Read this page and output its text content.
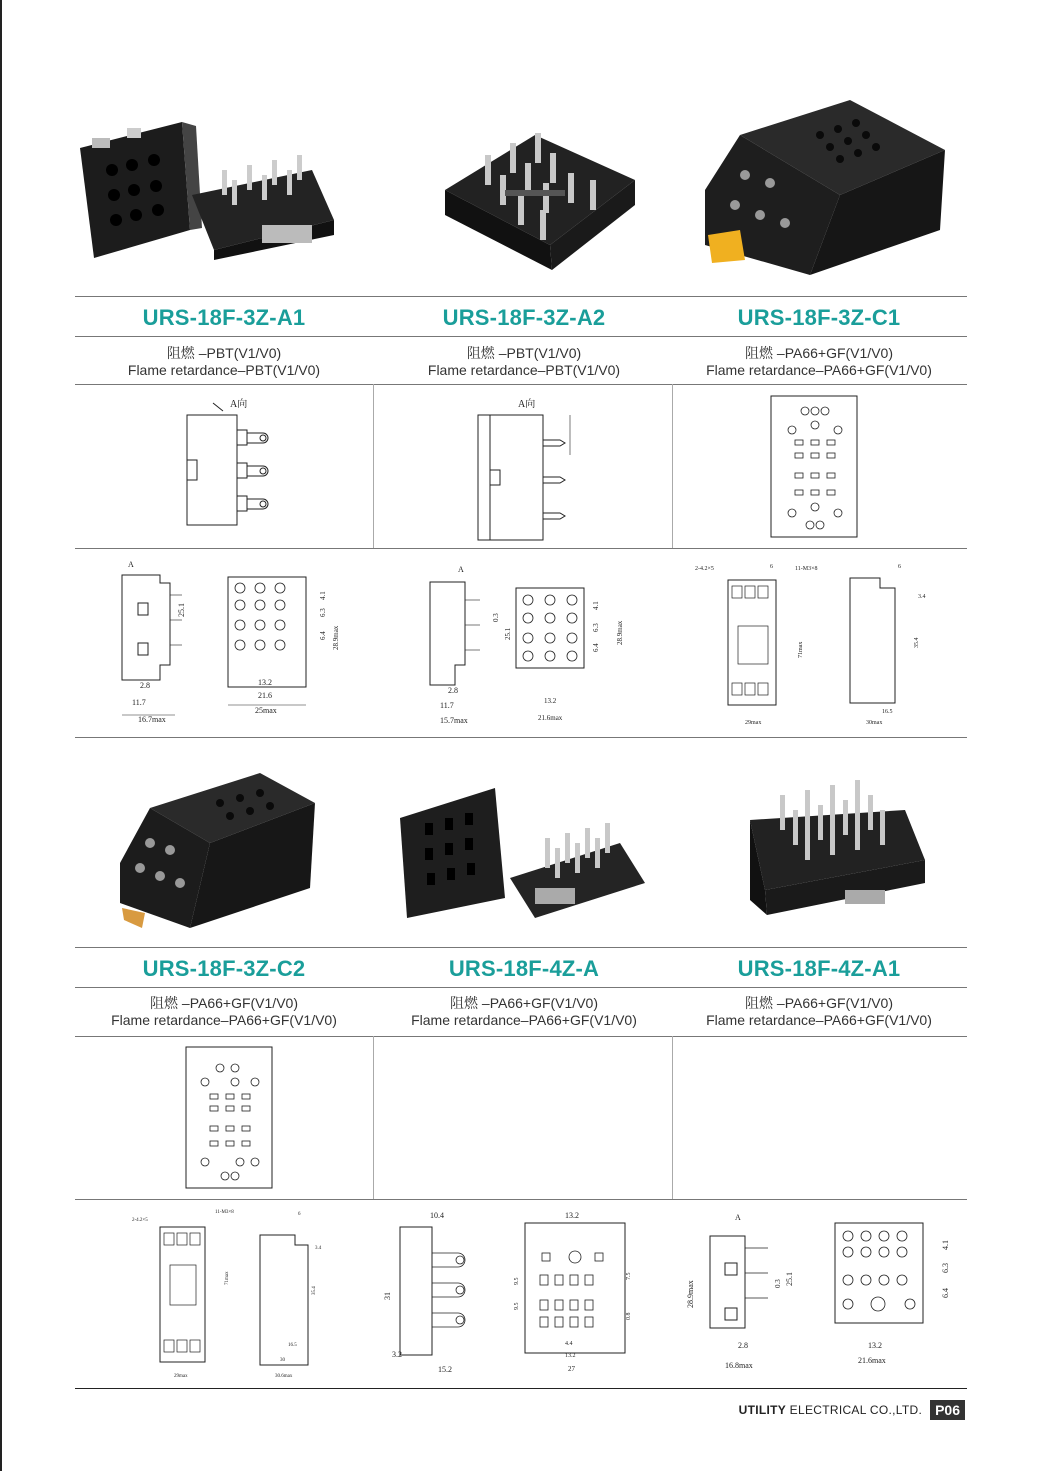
URS-18F-3Z-A1	URS-18F-3Z-A2	URS-18F-3Z-C1
阻燃 –PBT(V1/V0)
Flame retardance–PBT(V1/V0)
阻燃 –PBT(V1/V0)
Flame retardance–PBT(V1/V0)
阻燃 –PA66+GF(V1/V0)
Flame retardance–PA66+GF(V1/V0)
A向	A向
A
25.1
2.8
11.7
16.7max
4.1
6.3
6.4 28.9max
13.2
21.6
25max
A
0.3
25.1
2.8
11.7
15.7max
4.1
6.3
6.4
28.9max
13.2
21.6max
2-4.2×5	6	11-M3×8
71max
29max
6
3.4
35.4
16.5
30max
URS-18F-3Z-C2	URS-18F-4Z-A	URS-18F-4Z-A1
阻燃 –PA66+GF(V1/V0)
Flame retardance–PA66+GF(V1/V0)
阻燃 –PA66+GF(V1/V0)
Flame retardance–PA66+GF(V1/V0)
阻燃 –PA66+GF(V1/V0)
Flame retardance–PA66+GF(V1/V0)
2-4.2×5
11-M3×8
71max
29max
6
3.4
35.4
16.5
30
30.6max
10.4
31
3.2
15.2
13.2
9.5
9.5
7.5
0.8
4.4
13.2
27
A
28.9max	0.3 25.1
2.8
16.8max
4.1
6.3
6.4
13.2
21.6max
UTILITY ELECTRICAL CO.,LTD. P06
